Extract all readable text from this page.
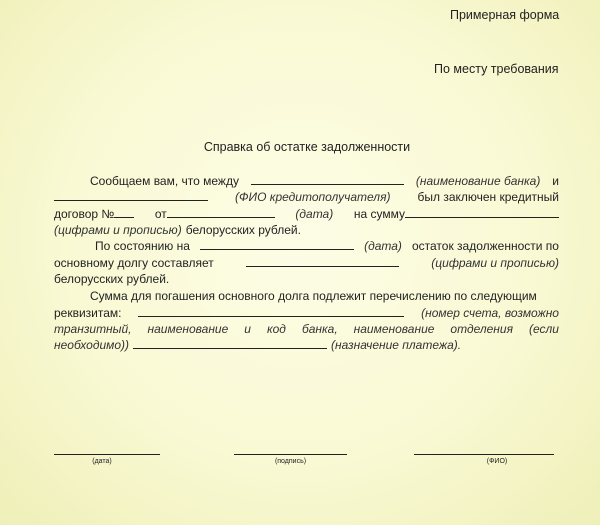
Примерная форма
По месту требования
Справка об остатке задолженности
Сообщаем вам, что между	(наименование банка) и
(ФИО кредитополучателя) был заключен кредитный
договор №	от	(дата) на сумму
(цифрами и прописью) белорусских рублей.
По состоянию на	(дата) остаток задолженности по
основному долгу составляет	(цифрами и прописью)
белорусских рублей.
Сумма для погашения основного долга подлежит перечислению по следующим
реквизитам:	(номер счета, возможно
транзитный, наименование и код банка, наименование отделения (если
необходимо))	(назначение платежа).
(дата)	(подпись)	(ФИО)
